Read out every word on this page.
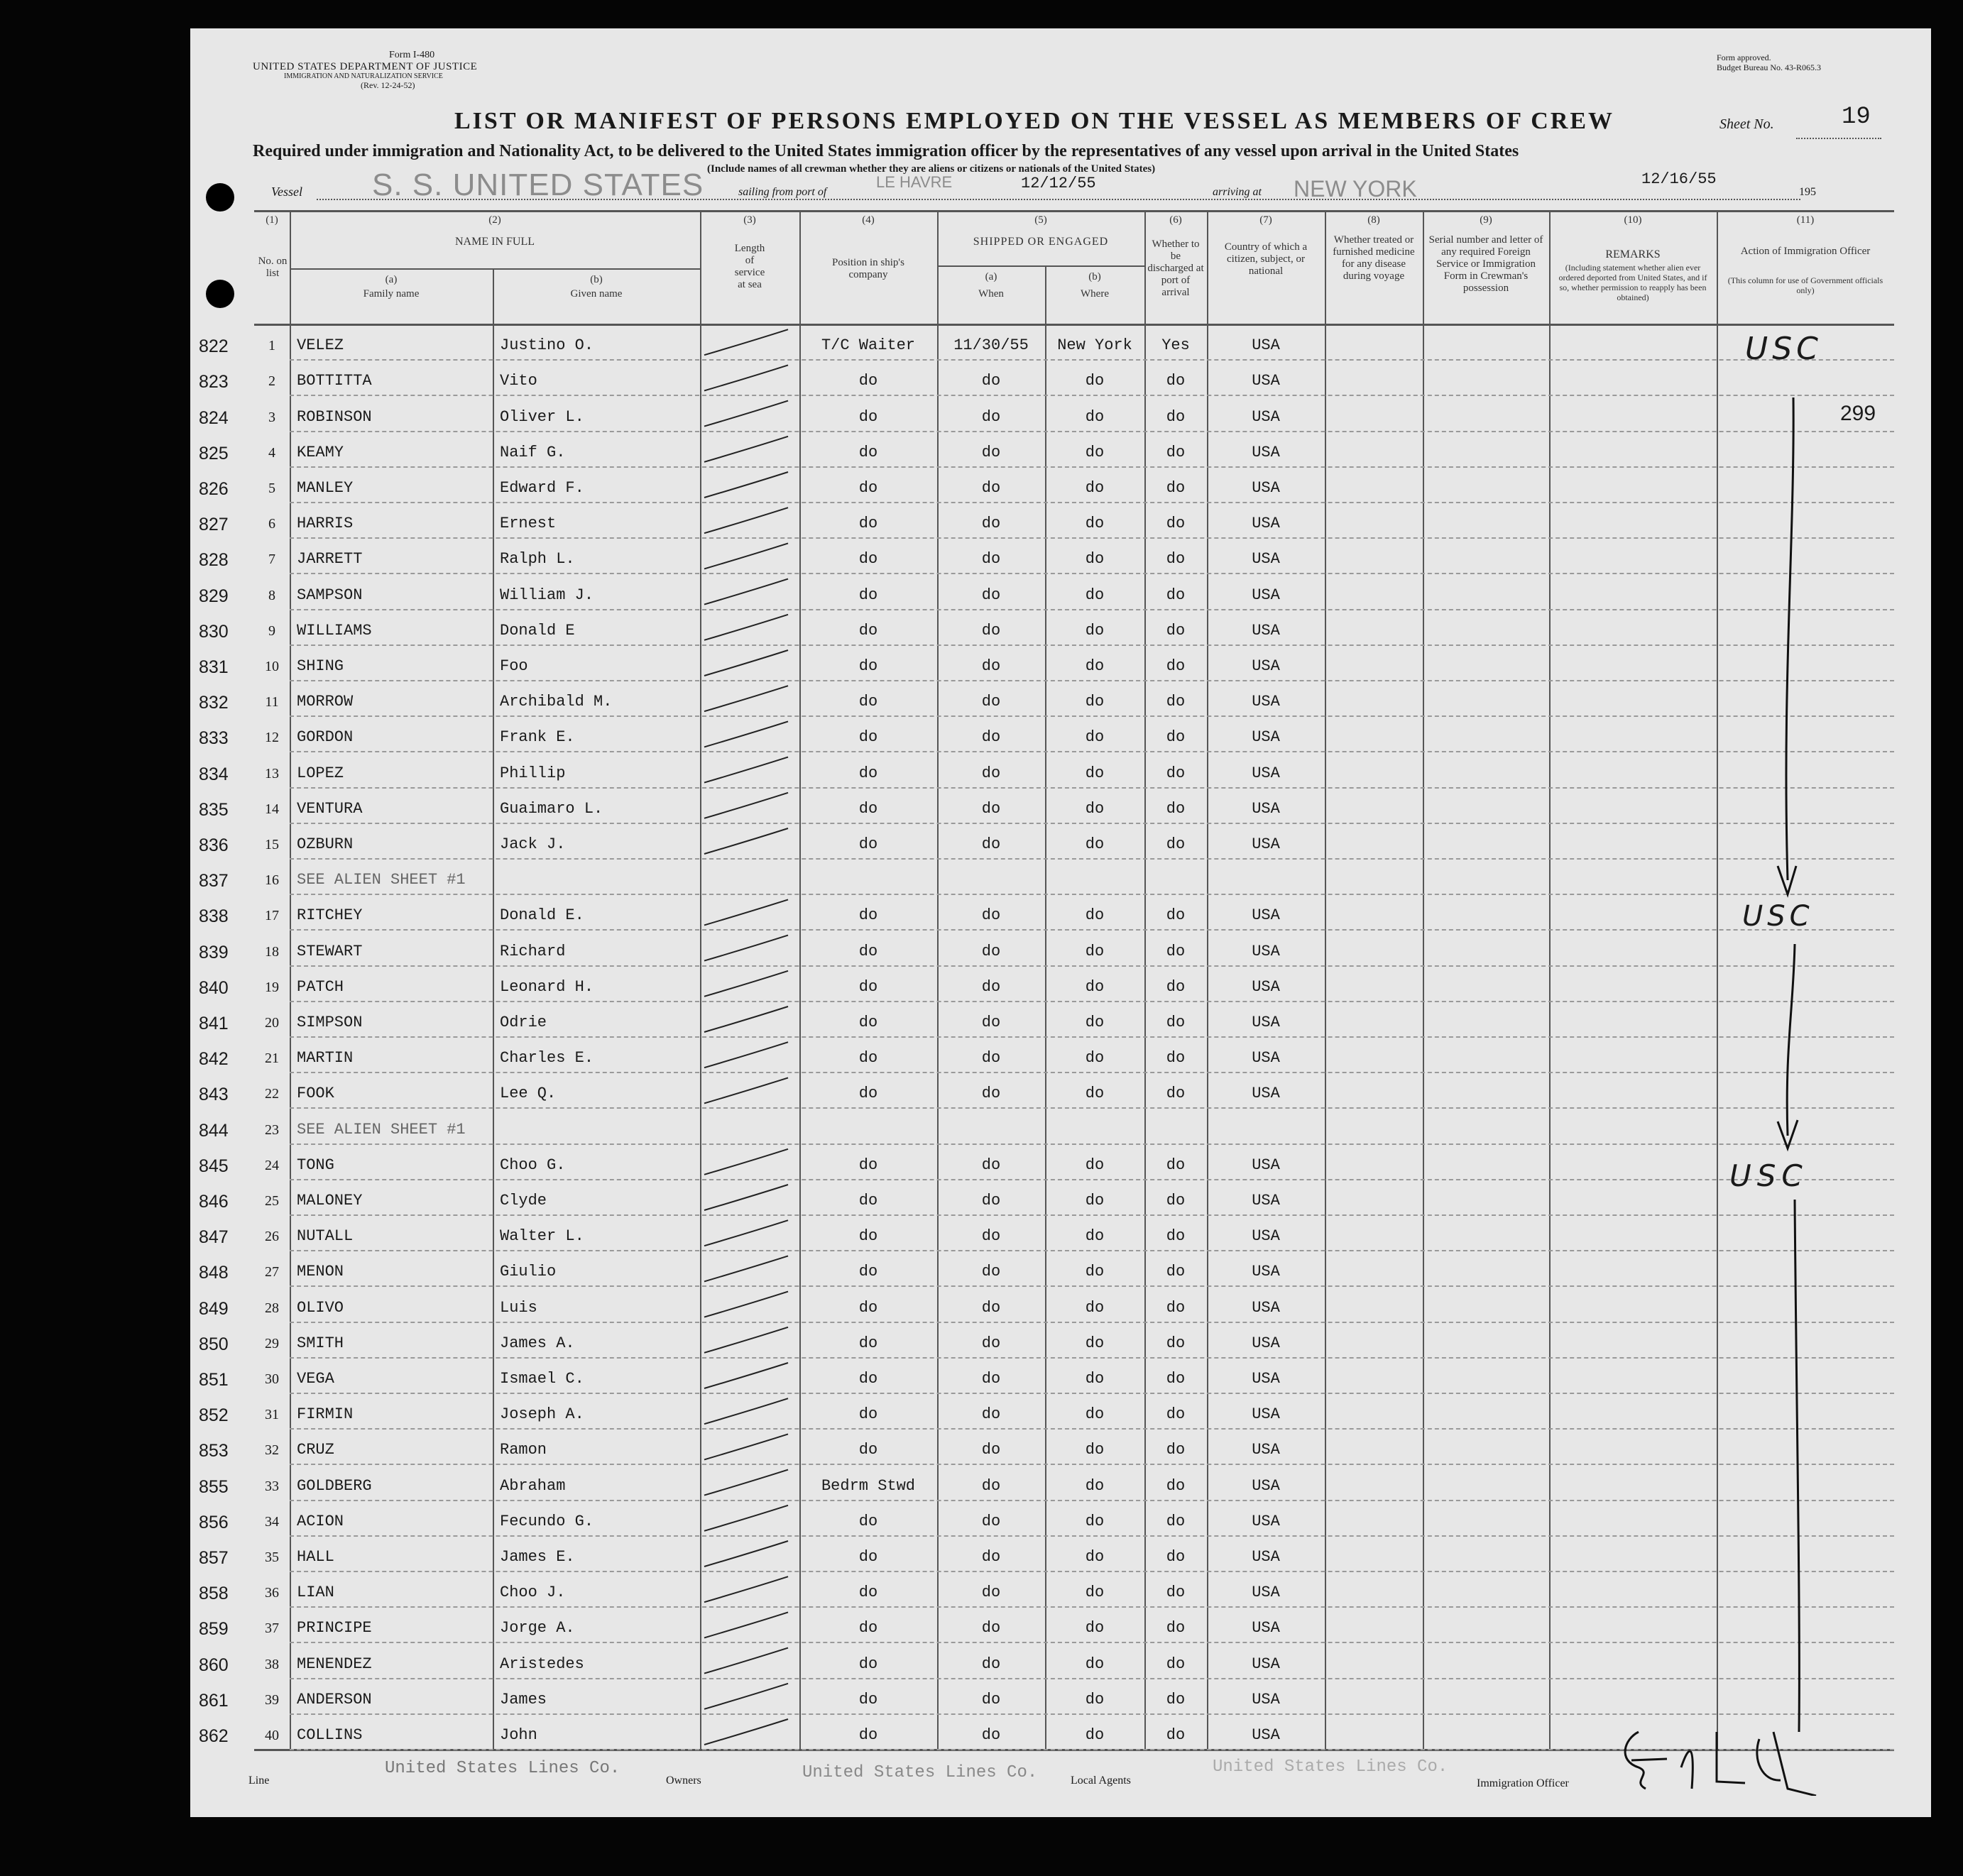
Form I-480
UNITED STATES DEPARTMENT OF JUSTICE
IMMIGRATION AND NATURALIZATION SERVICE
(Rev. 12-24-52)
Form approved.
Budget Bureau No. 43-R065.3
LIST OR MANIFEST OF PERSONS EMPLOYED ON THE VESSEL AS MEMBERS OF CREW	Sheet No.	19
Required under immigration and Nationality Act, to be delivered to the United States immigration officer by the representatives of any vessel upon arrival in the United States
(Include names of all crewman whether they are aliens or citizens or nationals of the United States)
Vessel S. S. UNITED STATES	sailing from port of
LE HAVRE	12/12/55	arriving at NEW YORK	12/16/55
195
(1)
No. on list
(2)
NAME IN FULL
(a)
Family name
(b)
Given name
(3)
Length of service at sea
(4)
Position in ship's company
(5)
SHIPPED OR ENGAGED
(a)
When
(b)
Where
(6)
Whether to be discharged at port of arrival
(7)
Country of which a citizen, subject, or national
(8)
Whether treated or furnished medicine for any disease during voyage
(9)
Serial number and letter of any required Foreign Service or Immigration Form in Crewman's possession
(10)
REMARKS
(Including statement whether alien ever ordered deported from United States, and if so, whether permission to reapply has been obtained)
(11)
Action of Immigration Officer
(This column for use of Government officials only)
822	1	VELEZ	Justino O.	T/C Waiter	11/30/55	New York	Yes	USA
823	2	BOTTITTA	Vito	do	do	do	do	USA
824	3	ROBINSON	Oliver L.	do	do	do	do	USA
825	4	KEAMY	Naif G.	do	do	do	do	USA
826	5	MANLEY	Edward F.	do	do	do	do	USA
827	6	HARRIS	Ernest	do	do	do	do	USA
828	7	JARRETT	Ralph L.	do	do	do	do	USA
829	8	SAMPSON	William J.	do	do	do	do	USA
830	9	WILLIAMS	Donald E	do	do	do	do	USA
831	10	SHING	Foo	do	do	do	do	USA
832	11	MORROW	Archibald M.	do	do	do	do	USA
833	12	GORDON	Frank E.	do	do	do	do	USA
834	13	LOPEZ	Phillip	do	do	do	do	USA
835	14	VENTURA	Guaimaro L.	do	do	do	do	USA
836	15	OZBURN	Jack J.	do	do	do	do	USA
837	16	SEE ALIEN SHEET #1
838	17	RITCHEY	Donald E.	do	do	do	do	USA
839	18	STEWART	Richard	do	do	do	do	USA
840	19	PATCH	Leonard H.	do	do	do	do	USA
841	20	SIMPSON	Odrie	do	do	do	do	USA
842	21	MARTIN	Charles E.	do	do	do	do	USA
843	22	FOOK	Lee Q.	do	do	do	do	USA
844	23	SEE ALIEN SHEET #1
845	24	TONG	Choo G.	do	do	do	do	USA
846	25	MALONEY	Clyde	do	do	do	do	USA
847	26	NUTALL	Walter L.	do	do	do	do	USA
848	27	MENON	Giulio	do	do	do	do	USA
849	28	OLIVO	Luis	do	do	do	do	USA
850	29	SMITH	James A.	do	do	do	do	USA
851	30	VEGA	Ismael C.	do	do	do	do	USA
852	31	FIRMIN	Joseph A.	do	do	do	do	USA
853	32	CRUZ	Ramon	do	do	do	do	USA
855	33	GOLDBERG	Abraham	Bedrm Stwd	do	do	do	USA
856	34	ACION	Fecundo G.	do	do	do	do	USA
857	35	HALL	James E.	do	do	do	do	USA
858	36	LIAN	Choo J.	do	do	do	do	USA
859	37	PRINCIPE	Jorge A.	do	do	do	do	USA
860	38	MENENDEZ	Aristedes	do	do	do	do	USA
861	39	ANDERSON	James	do	do	do	do	USA
862	40	COLLINS	John	do	do	do	do	USA
299
USC
USC
USC
Line
United States Lines Co.
Owners	United States Lines Co.	Local Agents
United States Lines Co.
Immigration Officer
